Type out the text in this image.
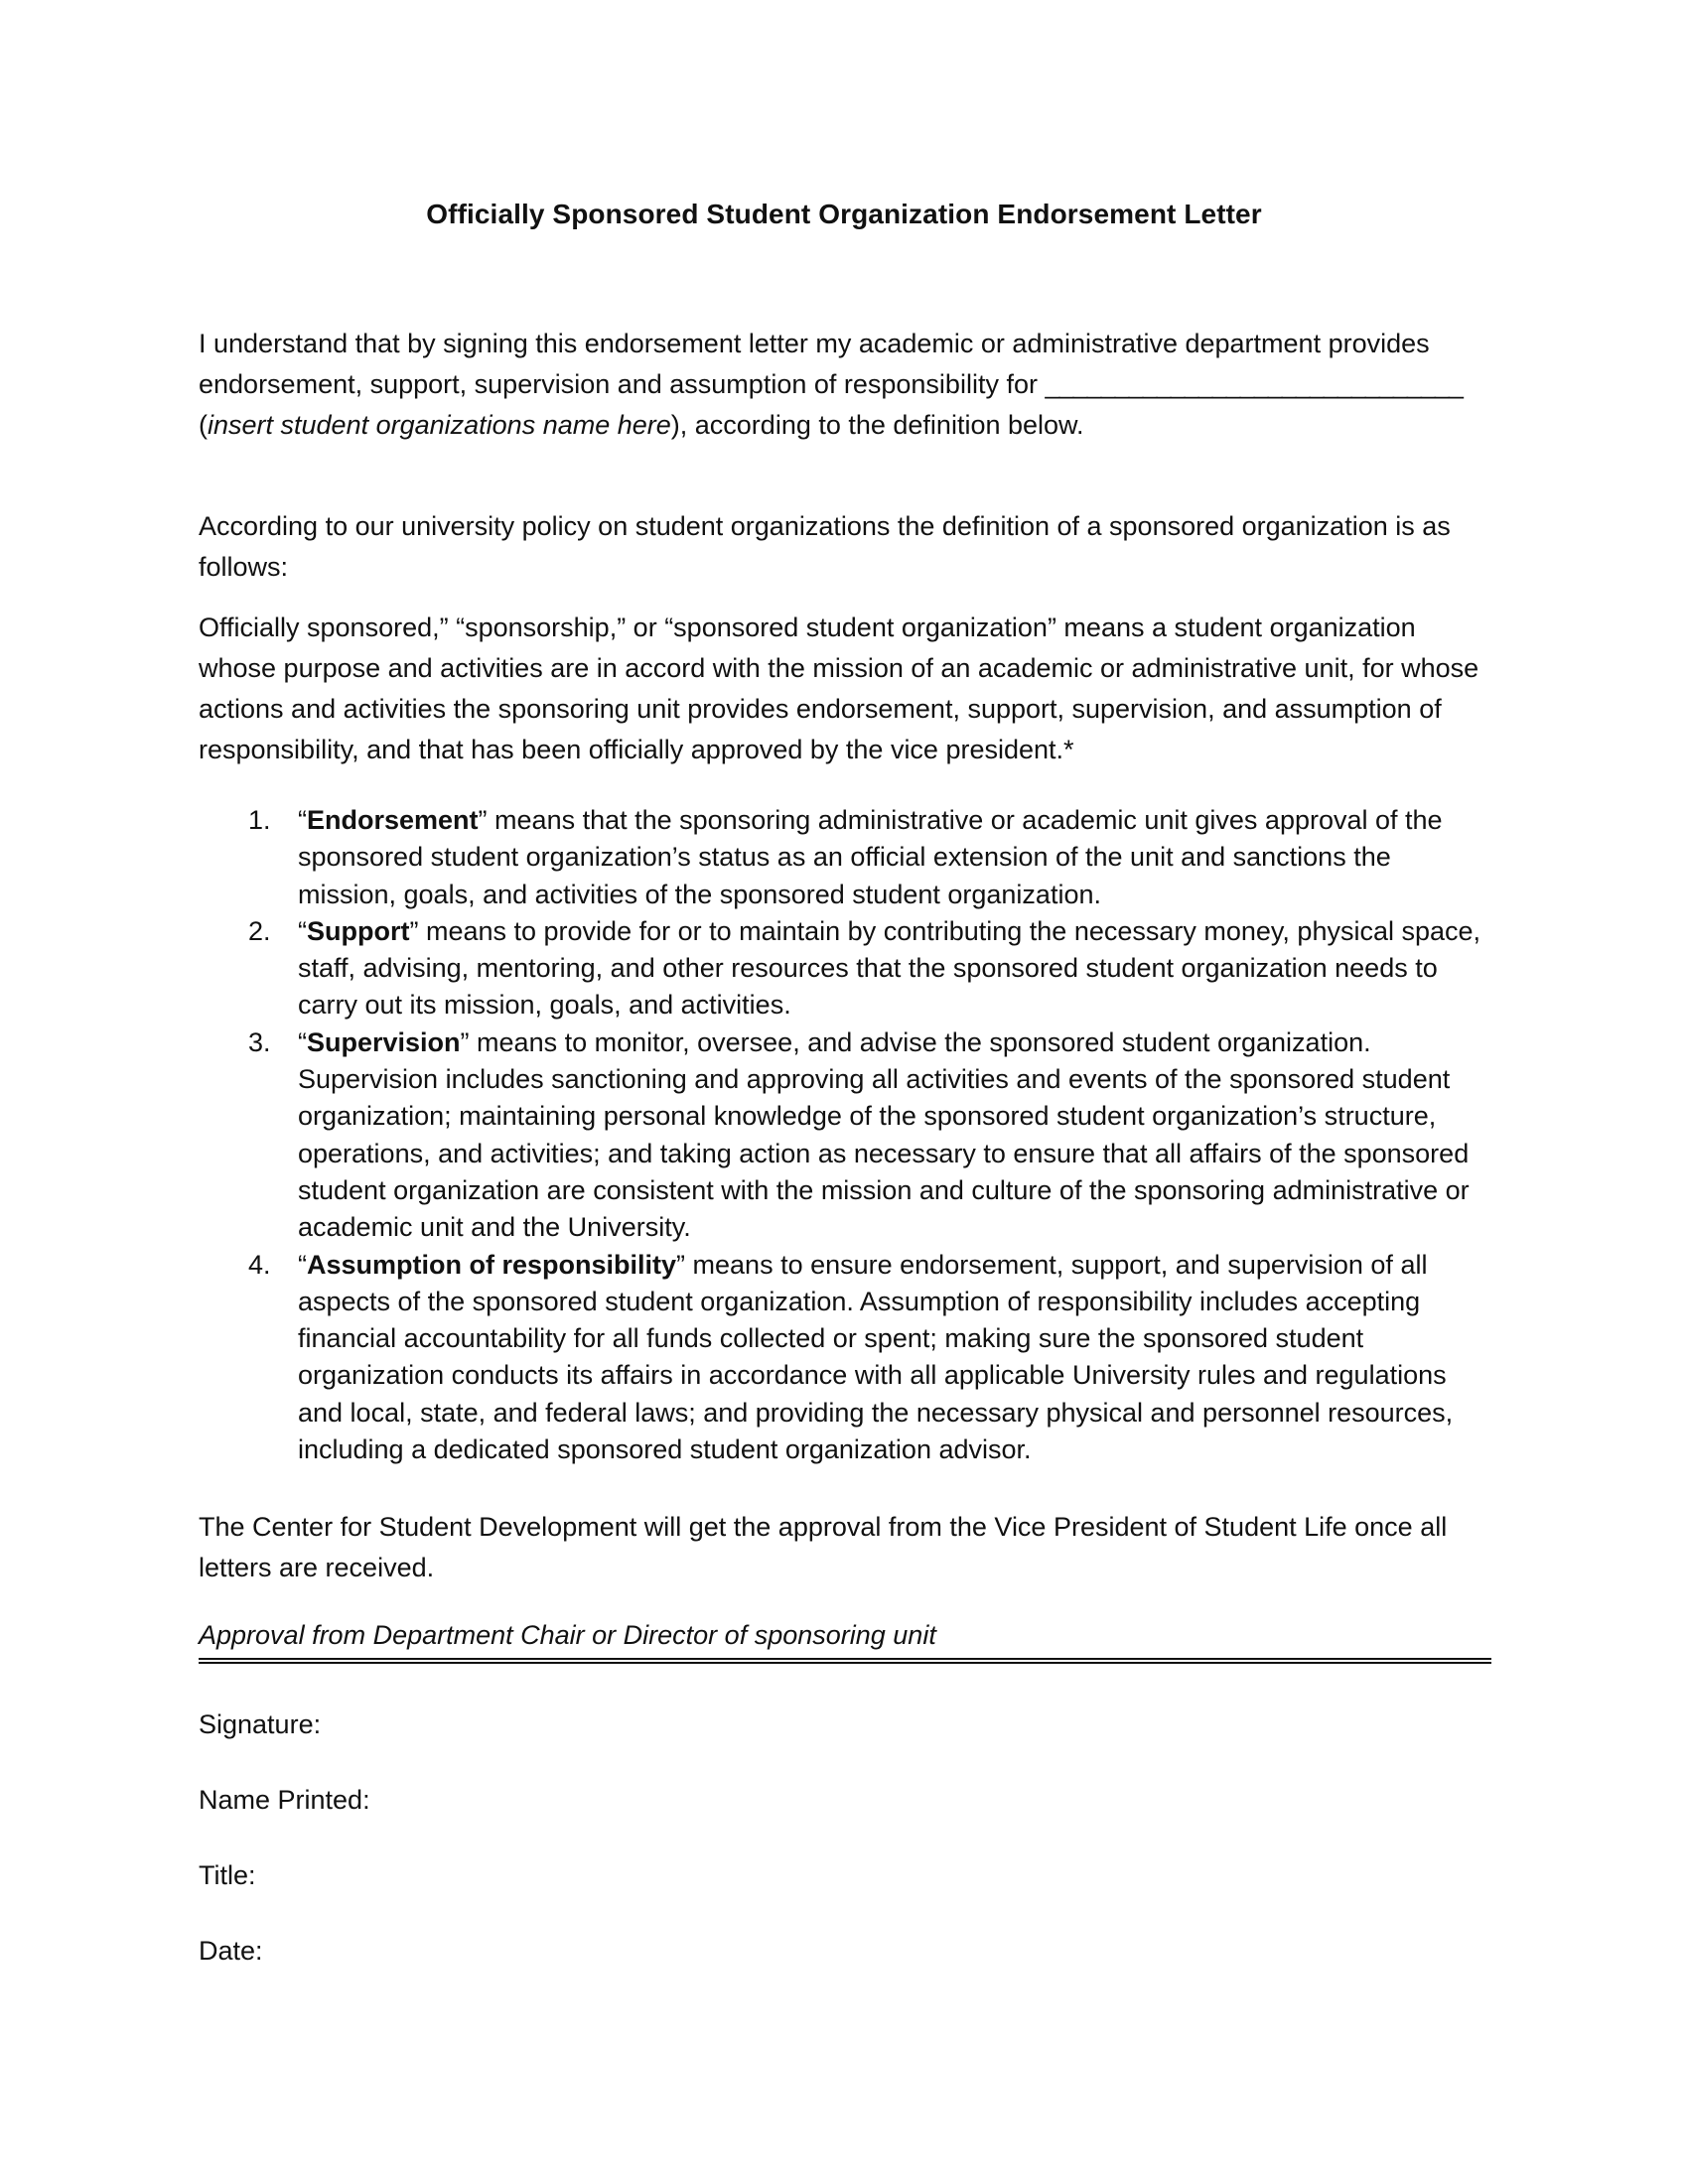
Officially Sponsored Student Organization Endorsement Letter
I understand that by signing this endorsement letter my academic or administrative department provides endorsement, support, supervision and assumption of responsibility for ______________________________ (insert student organizations name here), according to the definition below.
According to our university policy on student organizations the definition of a sponsored organization is as follows:
Officially sponsored,” “sponsorship,” or “sponsored student organization” means a student organization whose purpose and activities are in accord with the mission of an academic or administrative unit, for whose actions and activities the sponsoring unit provides endorsement, support, supervision, and assumption of responsibility, and that has been officially approved by the vice president.*
1. “Endorsement” means that the sponsoring administrative or academic unit gives approval of the sponsored student organization’s status as an official extension of the unit and sanctions the mission, goals, and activities of the sponsored student organization.
2. “Support” means to provide for or to maintain by contributing the necessary money, physical space, staff, advising, mentoring, and other resources that the sponsored student organization needs to carry out its mission, goals, and activities.
3. “Supervision” means to monitor, oversee, and advise the sponsored student organization. Supervision includes sanctioning and approving all activities and events of the sponsored student organization; maintaining personal knowledge of the sponsored student organization’s structure, operations, and activities; and taking action as necessary to ensure that all affairs of the sponsored student organization are consistent with the mission and culture of the sponsoring administrative or academic unit and the University.
4. “Assumption of responsibility” means to ensure endorsement, support, and supervision of all aspects of the sponsored student organization. Assumption of responsibility includes accepting financial accountability for all funds collected or spent; making sure the sponsored student organization conducts its affairs in accordance with all applicable University rules and regulations and local, state, and federal laws; and providing the necessary physical and personnel resources, including a dedicated sponsored student organization advisor.
The Center for Student Development will get the approval from the Vice President of Student Life once all letters are received.
Approval from Department Chair or Director of sponsoring unit
Signature:
Name Printed:
Title:
Date:
